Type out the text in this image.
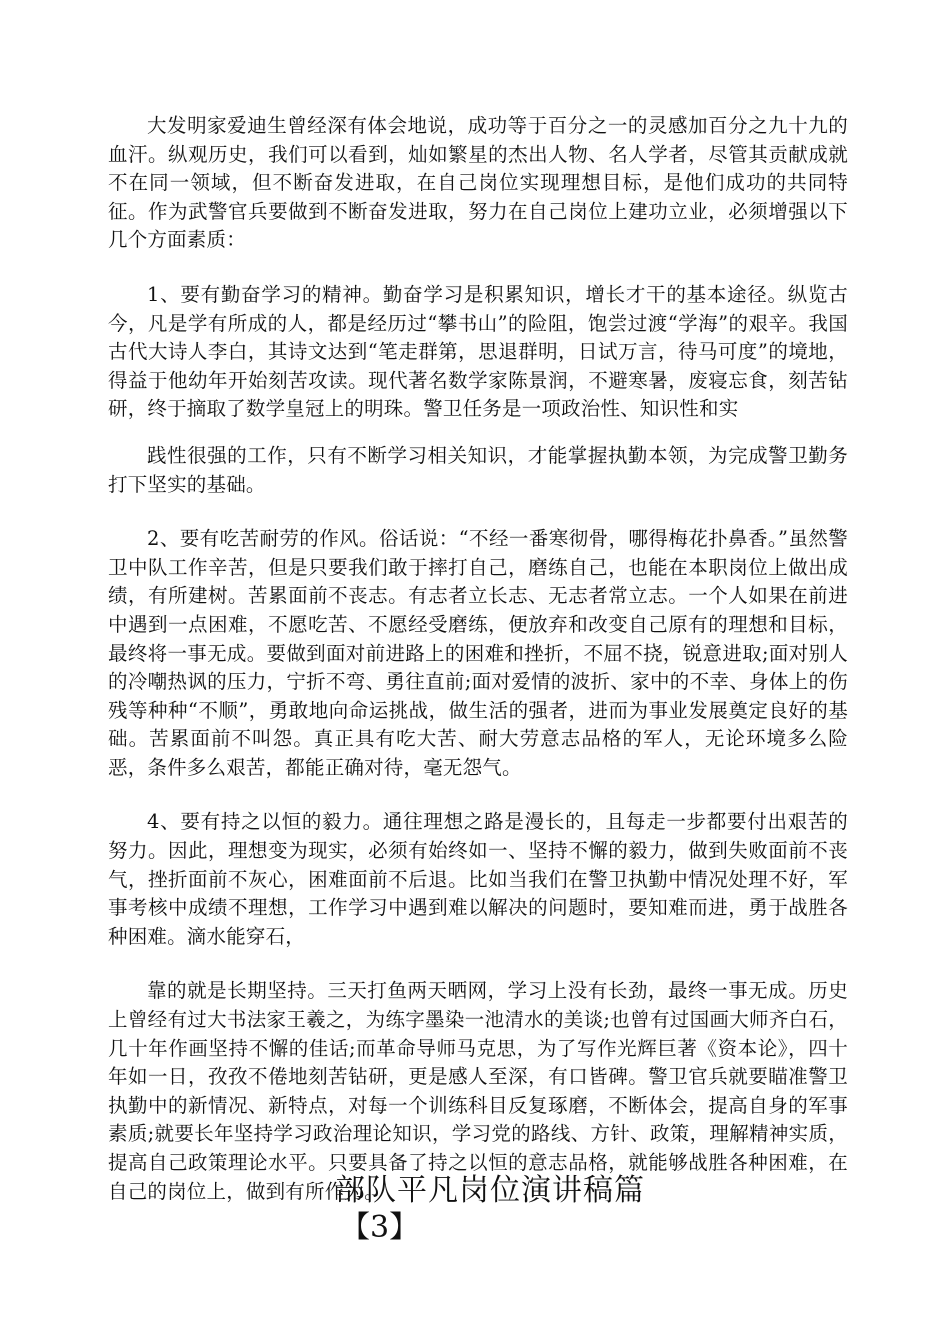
大发明家爱迪生曾经深有体会地说，成功等于百分之一的灵感加百分之九十九的血汗。纵观历史，我们可以看到，灿如繁星的杰出人物、名人学者，尽管其贡献成就不在同一领域，但不断奋发进取，在自己岗位实现理想目标，是他们成功的共同特征。作为武警官兵要做到不断奋发进取，努力在自己岗位上建功立业，必须增强以下几个方面素质：

1、要有勤奋学习的精神。勤奋学习是积累知识，增长才干的基本途径。纵览古今，凡是学有所成的人，都是经历过“攀书山”的险阻，饱尝过渡“学海”的艰辛。我国古代大诗人李白，其诗文达到“笔走群第，思退群明，日试万言，待马可度”的境地，得益于他幼年开始刻苦攻读。现代著名数学家陈景润，不避寒暑，废寝忘食，刻苦钻研，终于摘取了数学皇冠上的明珠。警卫任务是一项政治性、知识性和实

践性很强的工作，只有不断学习相关知识，才能掌握执勤本领，为完成警卫勤务打下坚实的基础。

2、要有吃苦耐劳的作风。俗话说：“不经一番寒彻骨，哪得梅花扑鼻香。”虽然警卫中队工作辛苦，但是只要我们敢于摔打自己，磨练自己，也能在本职岗位上做出成绩，有所建树。苦累面前不丧志。有志者立长志、无志者常立志。一个人如果在前进中遇到一点困难，不愿吃苦、不愿经受磨练，便放弃和改变自己原有的理想和目标，最终将一事无成。要做到面对前进路上的困难和挫折，不屈不挠，锐意进取;面对别人的冷嘲热讽的压力，宁折不弯、勇往直前;面对爱情的波折、家中的不幸、身体上的伤残等种种“不顺”，勇敢地向命运挑战，做生活的强者，进而为事业发展奠定良好的基础。苦累面前不叫怨。真正具有吃大苦、耐大劳意志品格的军人，无论环境多么险恶，条件多么艰苦，都能正确对待，毫无怨气。

4、要有持之以恒的毅力。通往理想之路是漫长的，且每走一步都要付出艰苦的努力。因此，理想变为现实，必须有始终如一、坚持不懈的毅力，做到失败面前不丧气，挫折面前不灰心，困难面前不后退。比如当我们在警卫执勤中情况处理不好，军事考核中成绩不理想，工作学习中遇到难以解决的问题时，要知难而进，勇于战胜各种困难。滴水能穿石，

靠的就是长期坚持。三天打鱼两天晒网，学习上没有长劲，最终一事无成。历史上曾经有过大书法家王羲之，为练字墨染一池清水的美谈;也曾有过国画大师齐白石，几十年作画坚持不懈的佳话;而革命导师马克思，为了写作光辉巨著《资本论》，四十年如一日，孜孜不倦地刻苦钻研，更是感人至深，有口皆碑。警卫官兵就要瞄准警卫执勤中的新情况、新特点，对每一个训练科目反复琢磨，不断体会，提高自身的军事素质;就要长年坚持学习政治理论知识，学习党的路线、方针、政策，理解精神实质，提高自己政策理论水平。只要具备了持之以恒的意志品格，就能够战胜各种困难，在自己的岗位上，做到有所作为。

部队平凡岗位演讲稿篇
【3】
